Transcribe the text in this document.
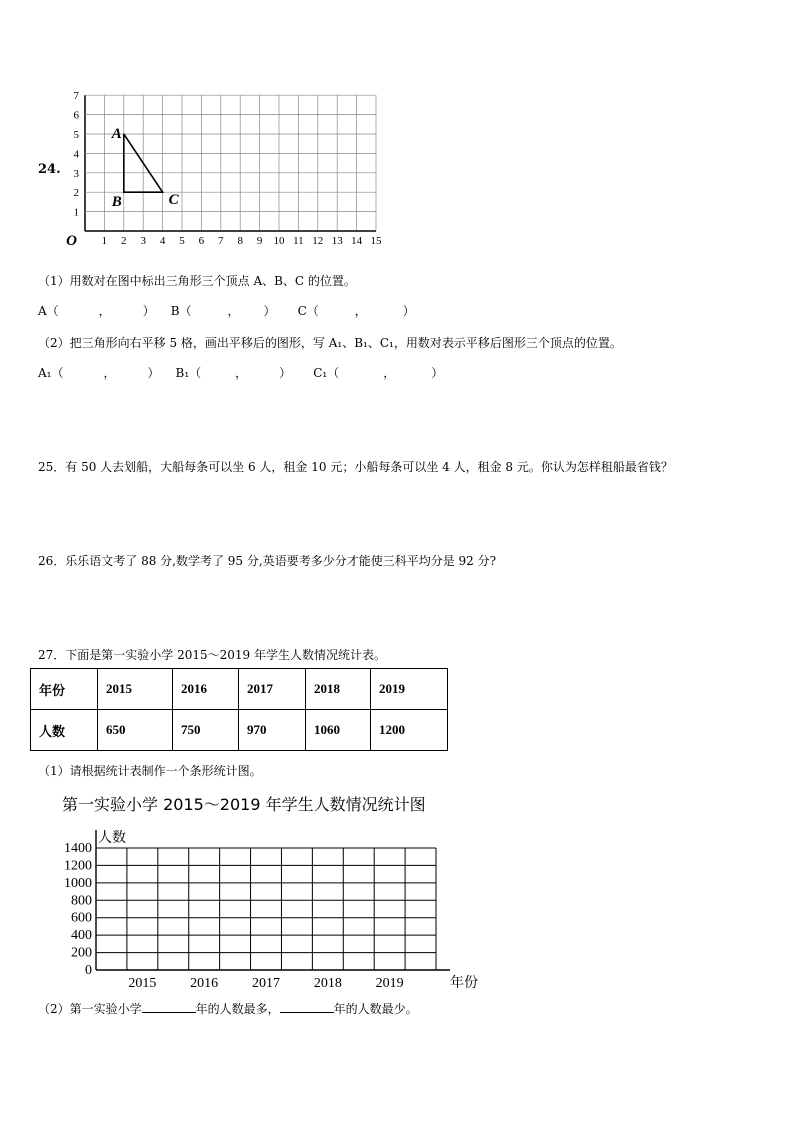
24.
1 2 3 4 5 6 7 8 9 10 11 12 13 14 15
1
2
3
4
5
6
7
O
A
B	C
（1）用数对在图中标出三角形三个顶点 A、B、C 的位置。
A（	，	） B（	， ） C（	，	）
（2）把三角形向右平移 5 格，画出平移后的图形，写 A₁、B₁、C₁，用数对表示平移后图形三个顶点的位置。
A₁（	，	） B₁（	，	） C₁（	，	）
25．有 50 人去划船，大船每条可以坐 6 人，租金 10 元；小船每条可以坐 4 人，租金 8 元。你认为怎样租船最省钱？
26．乐乐语文考了 88 分,数学考了 95 分,英语要考多少分才能使三科平均分是 92 分?
27．下面是第一实验小学 2015～2019 年学生人数情况统计表。
年份	2015	2016	2017	2018	2019
人数	650	750	970	1060	1200
（1）请根据统计表制作一个条形统计图。
第一实验小学 2015～2019 年学生人数情况统计图
0
200
400
600
800
1000
1200
1400
2015 2016 2017 2018 2019
人数
年份
（2）第一实验小学	年的人数最多，	年的人数最少。
